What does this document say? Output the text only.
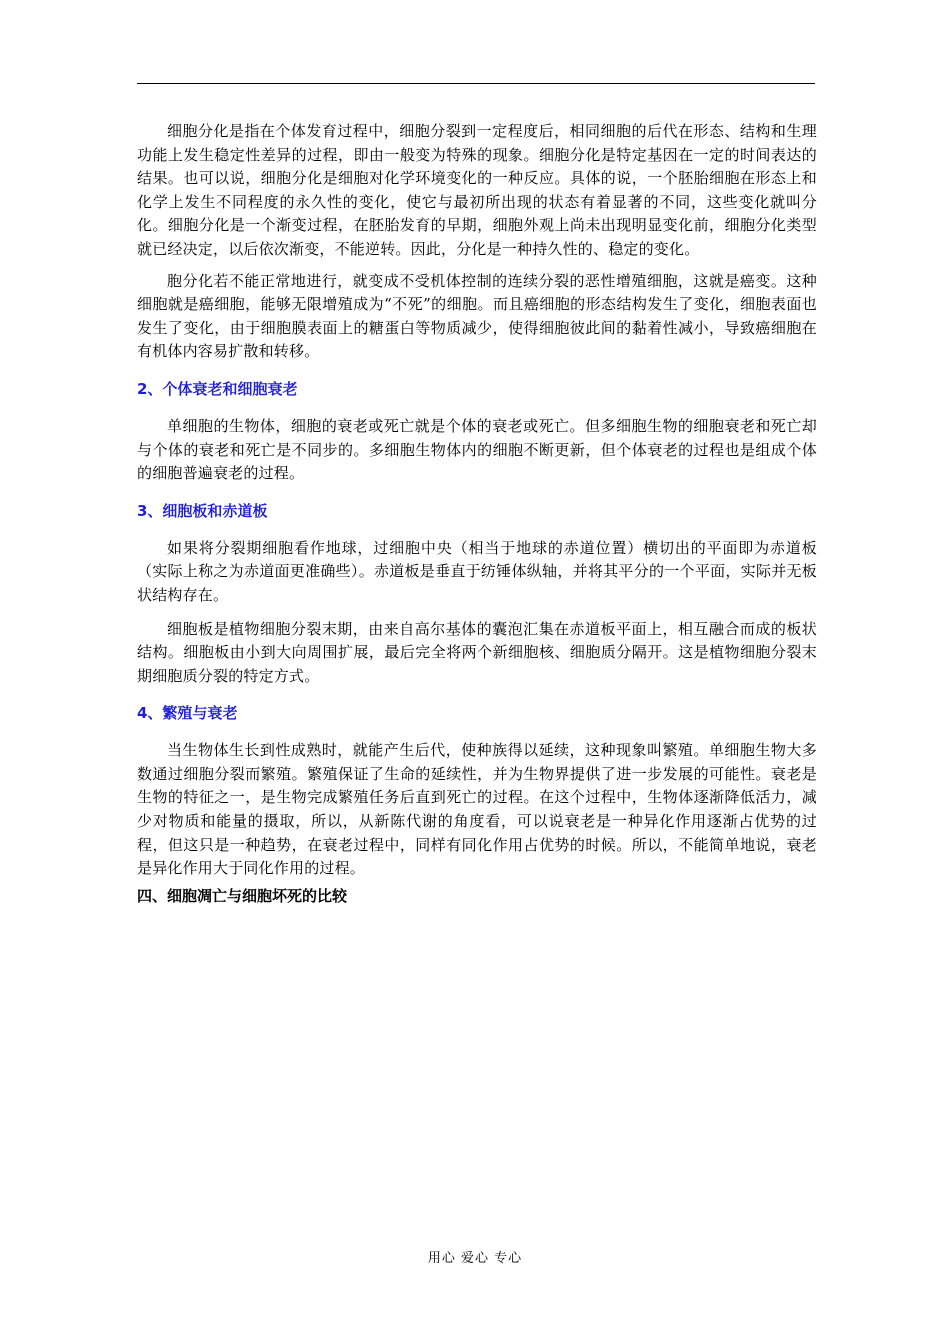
细胞分化是指在个体发育过程中，细胞分裂到一定程度后，相同细胞的后代在形态、结构和生理功能上发生稳定性差异的过程，即由一般变为特殊的现象。细胞分化是特定基因在一定的时间表达的结果。也可以说，细胞分化是细胞对化学环境变化的一种反应。具体的说，一个胚胎细胞在形态上和化学上发生不同程度的永久性的变化，使它与最初所出现的状态有着显著的不同，这些变化就叫分化。细胞分化是一个渐变过程，在胚胎发育的早期，细胞外观上尚未出现明显变化前，细胞分化类型就已经决定，以后依次渐变，不能逆转。因此，分化是一种持久性的、稳定的变化。

胞分化若不能正常地进行，就变成不受机体控制的连续分裂的恶性增殖细胞，这就是癌变。这种细胞就是癌细胞，能够无限增殖成为“不死”的细胞。而且癌细胞的形态结构发生了变化，细胞表面也发生了变化，由于细胞膜表面上的糖蛋白等物质减少，使得细胞彼此间的黏着性减小，导致癌细胞在有机体内容易扩散和转移。

2、个体衰老和细胞衰老

单细胞的生物体，细胞的衰老或死亡就是个体的衰老或死亡。但多细胞生物的细胞衰老和死亡却与个体的衰老和死亡是不同步的。多细胞生物体内的细胞不断更新，但个体衰老的过程也是组成个体的细胞普遍衰老的过程。

3、细胞板和赤道板

如果将分裂期细胞看作地球，过细胞中央（相当于地球的赤道位置）横切出的平面即为赤道板（实际上称之为赤道面更准确些）。赤道板是垂直于纺锤体纵轴，并将其平分的一个平面，实际并无板状结构存在。

细胞板是植物细胞分裂末期，由来自高尔基体的囊泡汇集在赤道板平面上，相互融合而成的板状结构。细胞板由小到大向周围扩展，最后完全将两个新细胞核、细胞质分隔开。这是植物细胞分裂末期细胞质分裂的特定方式。

4、繁殖与衰老

当生物体生长到性成熟时，就能产生后代，使种族得以延续，这种现象叫繁殖。单细胞生物大多数通过细胞分裂而繁殖。繁殖保证了生命的延续性，并为生物界提供了进一步发展的可能性。衰老是生物的特征之一，是生物完成繁殖任务后直到死亡的过程。在这个过程中，生物体逐渐降低活力，减少对物质和能量的摄取，所以，从新陈代谢的角度看，可以说衰老是一种异化作用逐渐占优势的过程，但这只是一种趋势，在衰老过程中，同样有同化作用占优势的时候。所以，不能简单地说，衰老是异化作用大于同化作用的过程。

四、细胞凋亡与细胞坏死的比较
用心 爱心 专心
